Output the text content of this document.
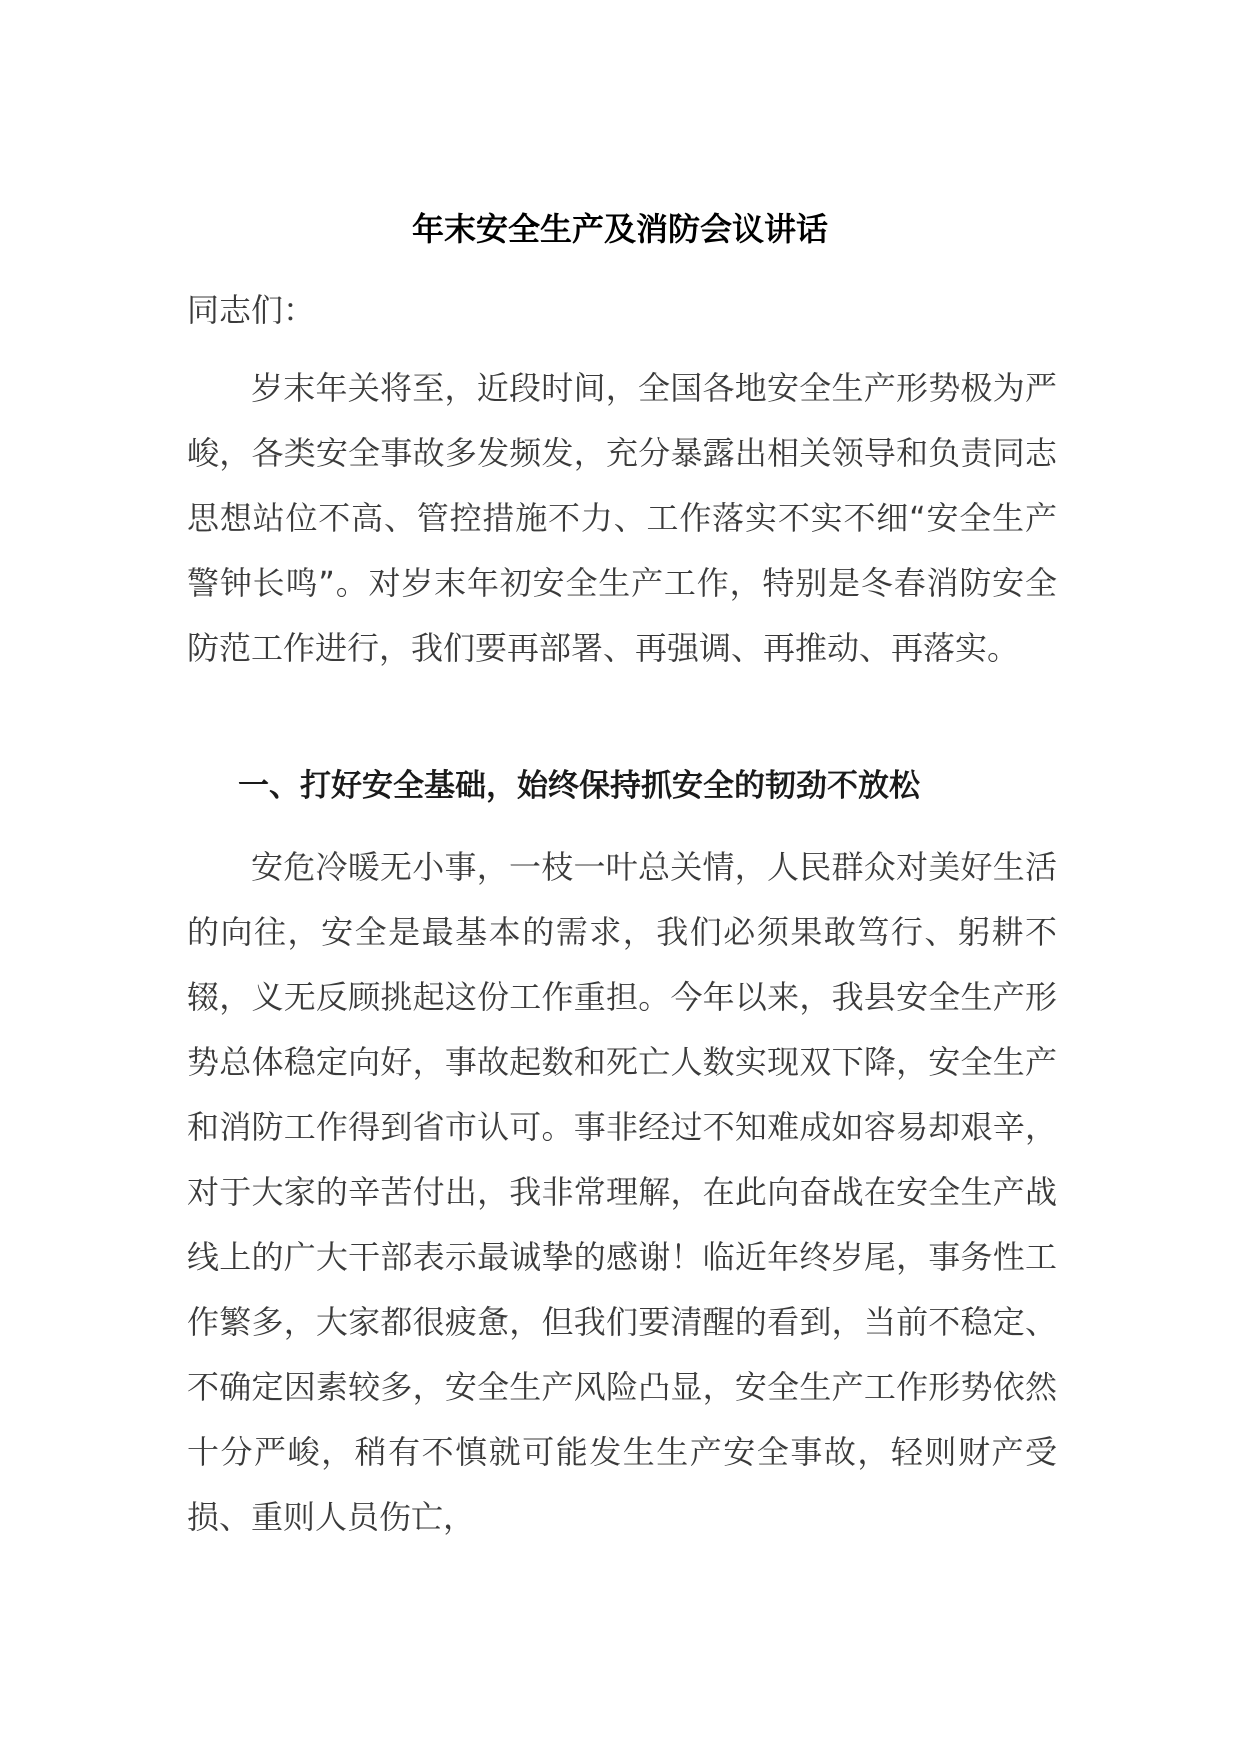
年末安全生产及消防会议讲话
同志们：
岁末年关将至，近段时间，全国各地安全生产形势极为严峻，各类安全事故多发频发，充分暴露出相关领导和负责同志思想站位不高、管控措施不力、工作落实不实不细“安全生产警钟长鸣”。对岁末年初安全生产工作，特别是冬春消防安全防范工作进行，我们要再部署、再强调、再推动、再落实。
一、打好安全基础，始终保持抓安全的韧劲不放松
安危冷暖无小事，一枝一叶总关情，人民群众对美好生活的向往，安全是最基本的需求，我们必须果敢笃行、躬耕不辍，义无反顾挑起这份工作重担。今年以来，我县安全生产形势总体稳定向好，事故起数和死亡人数实现双下降，安全生产和消防工作得到省市认可。事非经过不知难成如容易却艰辛，对于大家的辛苦付出，我非常理解，在此向奋战在安全生产战线上的广大干部表示最诚挚的感谢！临近年终岁尾，事务性工作繁多，大家都很疲惫，但我们要清醒的看到，当前不稳定、不确定因素较多，安全生产风险凸显，安全生产工作形势依然十分严峻，稍有不慎就可能发生生产安全事故，轻则财产受损、重则人员伤亡，
